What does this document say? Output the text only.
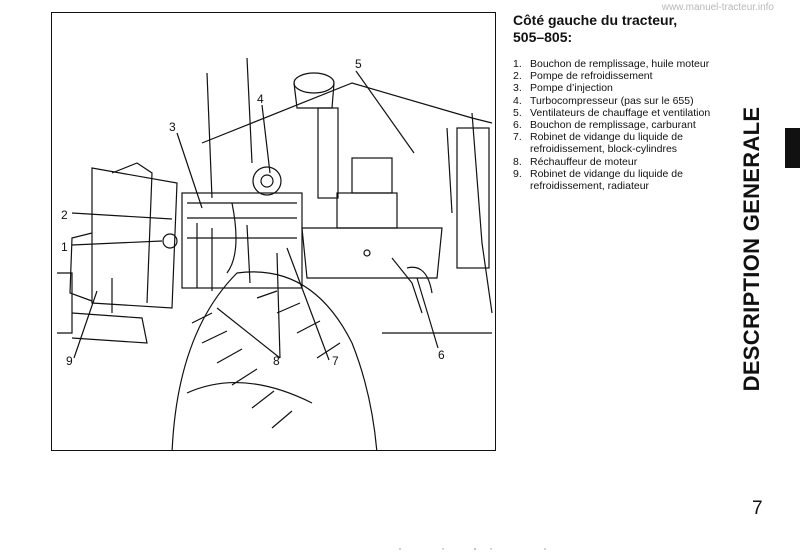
www.manuel-tracteur.info
2
1
3
4
5
6
7
8
9
Côté gauche du tracteur,
505–805:
1. Bouchon de remplissage, huile moteur
2. Pompe de refroidissement
3. Pompe d’injection
4. Turbocompresseur (pas sur le 655)
5. Ventilateurs de chauffage et ventilation
6. Bouchon de remplissage, carburant
7. Robinet de vidange du liquide de refroidissement, block-cylindres
8. Réchauffeur de moteur
9. Robinet de vidange du liquide de refroidissement, radiateur	DESCRIPTION GENERALE
7
